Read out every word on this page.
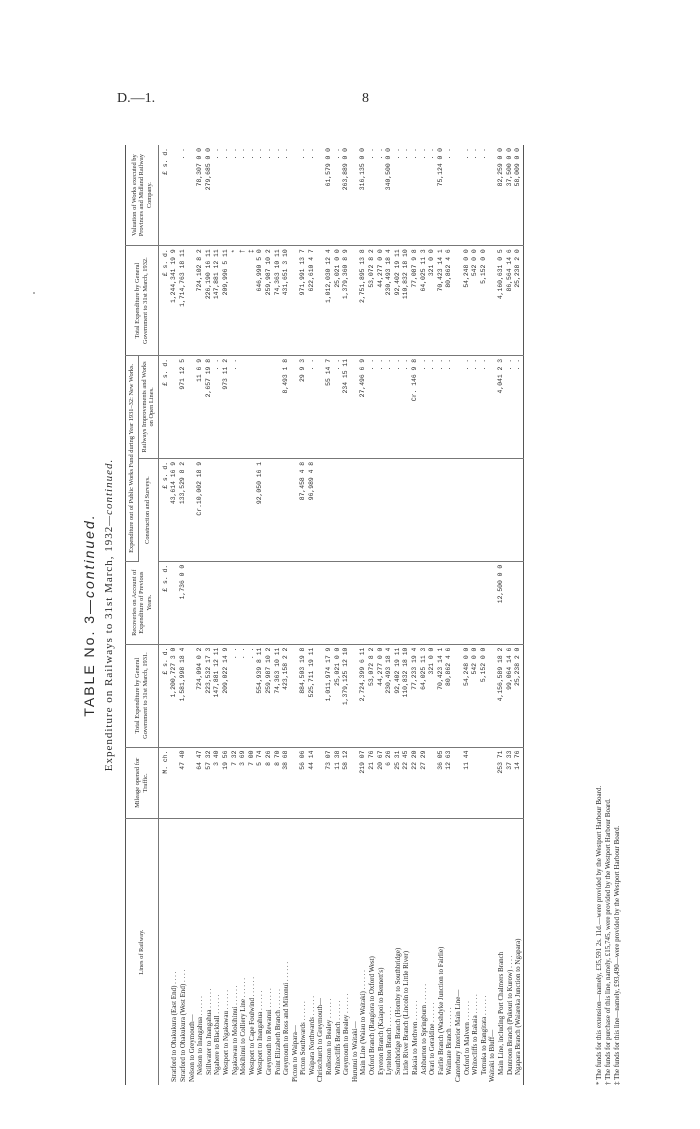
D.—1.	8
TABLE No. 3—continued. Expenditure on Railways to 31st March, 1932—continued.
Lines of Railway.	Mileage opened for Traffic.	Total Expenditure by General Government to 31st March, 1931.	Recoveries on Account of Expenditure of Previous Years.	Expenditure out of Public Works Fund during Year 1931–32: New Works.		Total Expenditure by General Government to 31st March, 1932.	Valuation of Works executed by Provinces and Midland Railway Company.
				Construction and Surveys.	Railways Improvements and Works on Open Lines.		
	M. ch.	£ s. d.	£ s. d.	£ s. d.	£ s. d.	£ s. d.	£ s. d.
Stratford to Ohakukura (East End) . . . .		1,200,727 3 0		43,614 16 9		1,244,341 19 9	
Stratford to Ohakukura (West End) . . . .	47 40	1,581,998 18 4	1,736 0 0	133,529 8 2	971 12 5	1,714,763 18 11	. .
Nelson to Greymouth—							
Nelson to Inangahua . . . . . .	64 47	724,094 0 2		Cr.10,002 18 9	11 6 9	724,102 8 2	78,307 0 0
Stillwater to Inangahua . . . . . .	57 32	223,532 17 3			2,657 19 8	226,190 16 11	279,685 0 0
Ngahere to Blackball . . . . . .	3 40	147,881 12 11			. .	147,881 12 11	. .
Westport to Ngakawau . . . . . .	19 56	209,022 14 9			973 11 2	209,996 5 11	. .
Ngakawau to Mokihinui . . . . . .	7 32	. .			. .	*	. .
Mokihinui to Colliery Line . . . . . .	3 69	. .				†	. .
Westport to Cape Foulwind . . . . . .	7 00	. .				‡	. .
Westport to Inangahua . . . . . .	5 74	554,939 8 11		92,050 16 1		646,990 5 0	. .
Greymouth to Rewanui . . . . . .	8 26	259,987 10 2				259,987 10 2	. .
Point Elizabeth Branch . . . . . .	8 70	74,363 10 11				74,363 10 11	. .
Greymouth to Ross and Mikonui . . . . . .	38 68	423,158 2 2			8,493 1 8	431,651 3 10	. .
Picton to Waipara—							
Picton Southwards . . . . . .	56 06	884,503 19 8		87,458 4 8	29 9 3	971,991 13 7	. .
Waipara Northwards . . . . . .	44 14	525,711 19 11		96,989 4 8	. .	622,610 4 7	. .
Christchurch to Greymouth—							
Rolleston to Bealey . . . . . .	73 07	1,011,974 17 9			55 14 7	1,012,030 12 4	61,579 0 0
Whitecliffs Branch . . . . . .	11 38	25,021 0 0			. .	25,021 0 0	. .
Greymouth to Bealey . . . . . .	58 12	1,379,125 12 10			234 15 11	1,379,360 8 9	263,889 0 0
Hurunui to Waitaki—							
Main Line (Waiau to Waitaki) . . . . . .	219 07	2,724,399 6 11			27,496 6 9	2,751,895 13 8	316,135 0 0
Oxford Branch (Rangiora to Oxford West)	21 76	53,072 8 2			. .	53,072 8 2	. .
Eyreton Branch (Kaiapoi to Bennett's)	20 67	44,277 0 0			. .	44,277 0 0	. .
Lyttelton Branch . . . . . .	6 26	230,493 18 4			. .	230,493 18 4	340,500 0 0
Southbridge Branch (Hornby to Southbridge)	25 31	92,402 19 11			. .	92,402 19 11	. .
Little River Branch (Lincoln to Little River)	22 45	110,832 18 10			. .	110,832 18 10	. .
Rakaia to Methven . . . . . .	22 20	77,233 19 4			Cr. 146 9 8	77,087 9 8	. .
Ashburton to Springburn . . . . . .	27 29	64,025 11 3			. .	64,025 11 3	. .
Orari to Geraldine . . . . . .		321 0 0			. .	321 0 0	. .
Fairlie Branch (Washdyke Junction to Fairlie)	36 05	70,423 14 1			. .	70,423 14 1	75,124 0 0
Waimate Branch . . . . . .	12 63	80,862 4 6			. .	80,862 4 6	. .
Canterbury Interior Main Line—							
Oxford to Malvern . . . . . .	11 44	54,248 0 0			. .	54,248 0 0	. .
Whitecliffs to Rakaia . . . . . .		542 0 0			. .	542 0 0	. .
Temuka to Rangitata . . . . . .		5,152 0 0			. .	5,152 0 0	. .
Waitaki to Bluff—							
Main Line, including Port Chalmers Branch	253 71	4,156,589 18 2	12,500 0 0		4,041 2 3	4,160,631 0 5	82,259 0 0
Duntroon Branch (Pukeuri to Kurow) . . . .	37 33	99,064 14 6			. .	86,564 14 6	37,500 0 0
Ngapara Branch (Waiareka Junction to Ngapara)	14 76	25,238 2 0			. .	25,238 2 0	58,009 0 0
* The funds for this extension—namely, £35,591 2s. 11d.—were provided by the Westport Harbour Board. † The funds for purchase of this line, namely, £15,745, were provided by the Westport Harbour Board. ‡ The funds for this line—namely, £93,490—were provided by the Westport Harbour Board.
